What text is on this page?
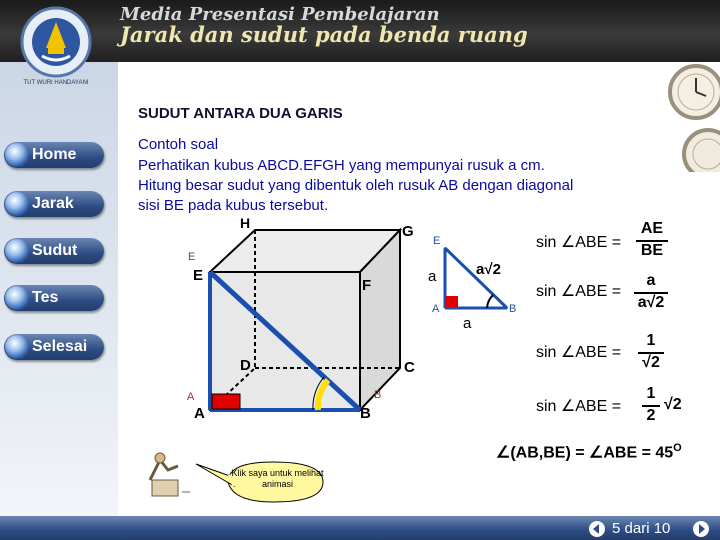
Media Presentasi Pembelajaran
Jarak dan sudut pada benda ruang
TUT WURI HANDAYANI
Home
Jarak
Sudut
Tes
Selesai
SUDUT ANTARA DUA GARIS
Contoh soal
Perhatikan kubus ABCD.EFGH yang mempunyai rusuk a cm.
Hitung besar sudut yang dibentuk oleh rusuk AB dengan diagonal
sisi BE pada kubus tersebut.
H	G
E
E
F
D	C
A
A
B
B
E
A	B
a
a
a√2
sin ∠ABE =
AE
BE
sin ∠ABE =
a
a√2
sin ∠ABE =
1
√2
sin ∠ABE =
1
2
√2
∠(AB,BE) = ∠ABE = $45^O$
Klik saya untuk melihat animasi
5 dari 10
